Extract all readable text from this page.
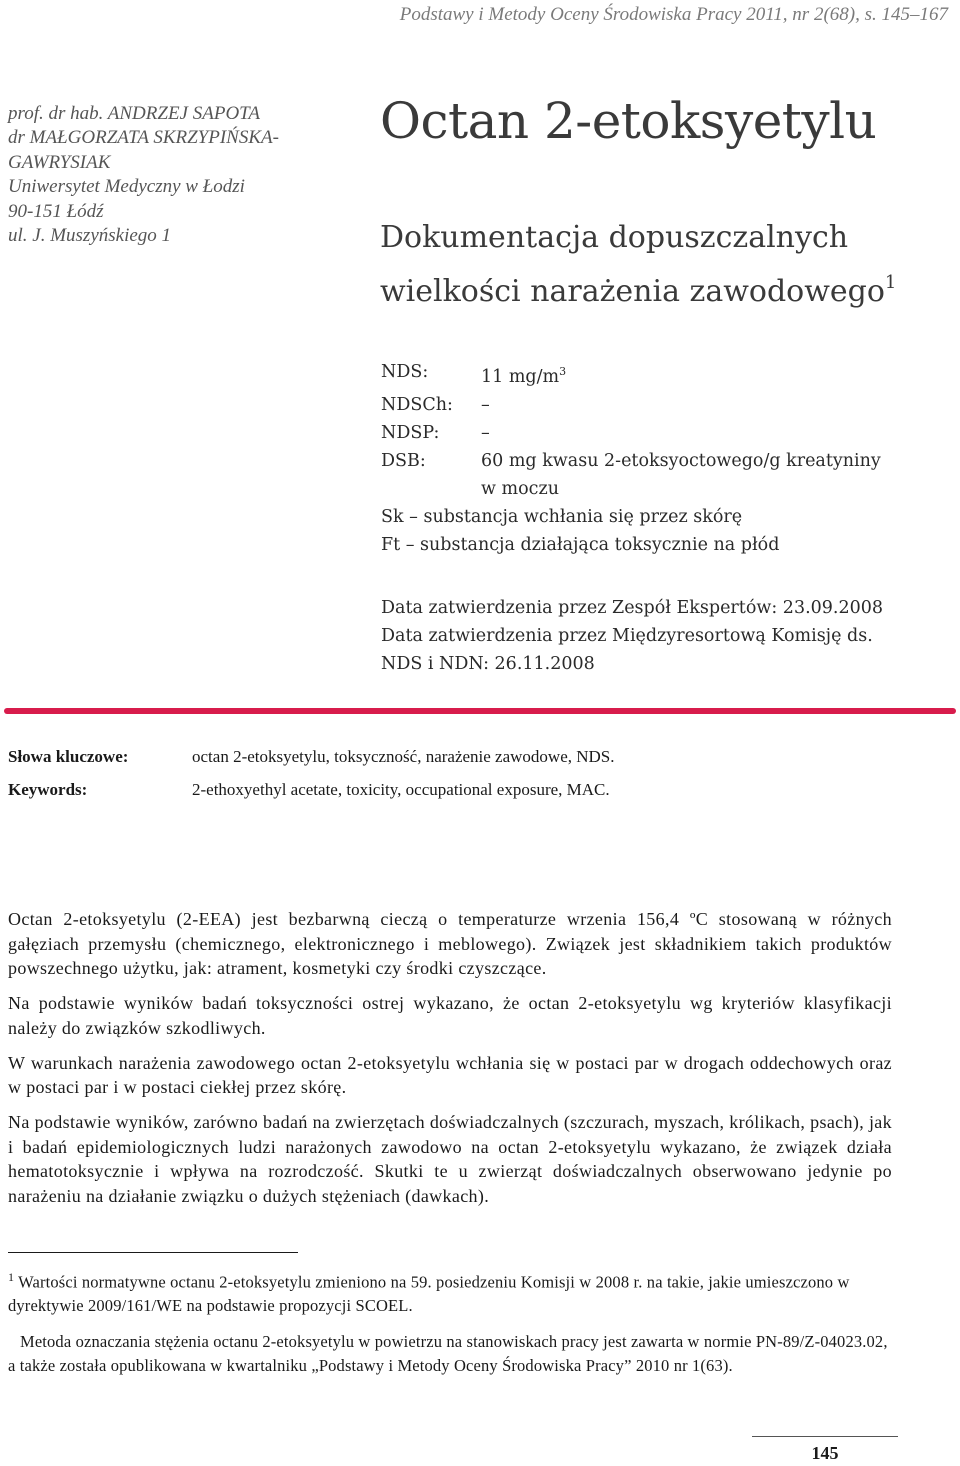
Podstawy i Metody Oceny Środowiska Pracy 2011, nr 2(68), s. 145–167
prof. dr hab. ANDRZEJ SAPOTA
dr MAŁGORZATA SKRZYPIŃSKA-
GAWRYSIAK
Uniwersytet Medyczny w Łodzi
90-151 Łódź
ul. J. Muszyńskiego 1
Octan 2-etoksyetylu
Dokumentacja dopuszczalnych
wielkości narażenia zawodowego$^1$
NDS:	11 $mg/m^3$
NDSCh:	–
NDSP:	–
DSB:	60 mg kwasu 2-etoksyoctowego/g kreatyniny
w moczu
Sk – substancja wchłania się przez skórę
Ft – substancja działająca toksycznie na płód
Data zatwierdzenia przez Zespół Ekspertów: 23.09.2008
Data zatwierdzenia przez Międzyresortową Komisję ds.
NDS i NDN: 26.11.2008
Słowa kluczowe:	octan 2-etoksyetylu, toksyczność, narażenie zawodowe, NDS.
Keywords:	2-ethoxyethyl acetate, toxicity, occupational exposure, MAC.

Octan 2-etoksyetylu (2-EEA) jest bezbarwną cieczą o temperaturze wrzenia 156,4 ºC stosowaną w różnych gałęziach przemysłu (chemicznego, elektronicznego i meblowego). Związek jest składnikiem takich produktów powszechnego użytku, jak: atrament, kosmetyki czy środki czyszczące.

Na podstawie wyników badań toksyczności ostrej wykazano, że octan 2-etoksyetylu wg kryteriów klasyfikacji należy do związków szkodliwych.

W warunkach narażenia zawodowego octan 2-etoksyetylu wchłania się w postaci par w drogach oddechowych oraz w postaci par i w postaci ciekłej przez skórę.

Na podstawie wyników, zarówno badań na zwierzętach doświadczalnych (szczurach, myszach, królikach, psach), jak i badań epidemiologicznych ludzi narażonych zawodowo na octan 2-etoksyetylu wykazano, że związek działa hematotoksycznie i wpływa na rozrodczość. Skutki te u zwierząt doświadczalnych obserwowano jedynie po narażeniu na działanie związku o dużych stężeniach (dawkach).

$^1$ Wartości normatywne octanu 2-etoksyetylu zmieniono na 59. posiedzeniu Komisji w 2008 r. na takie, jakie umieszczono w dyrektywie 2009/161/WE na podstawie propozycji SCOEL.

Metoda oznaczania stężenia octanu 2-etoksyetylu w powietrzu na stanowiskach pracy jest zawarta w normie PN-89/Z-04023.02, a także została opublikowana w kwartalniku „Podstawy i Metody Oceny Środowiska Pracy” 2010 nr 1(63).

145
